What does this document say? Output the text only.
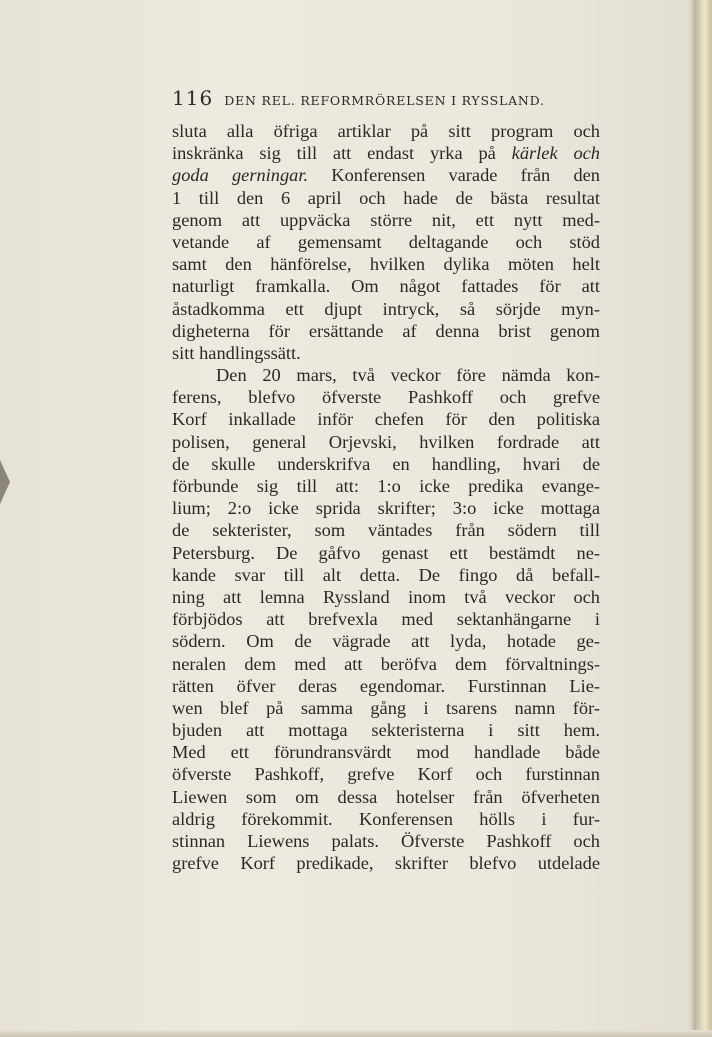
116 DEN REL. REFORMRÖRELSEN I RYSSLAND.
sluta alla öfriga artiklar på sitt program och
inskränka sig till att endast yrka på kärlek och
goda gerningar. Konferensen varade från den
1 till den 6 april och hade de bästa resultat
genom att uppväcka större nit, ett nytt med-
vetande af gemensamt deltagande och stöd
samt den hänförelse, hvilken dylika möten helt
naturligt framkalla. Om något fattades för att
åstadkomma ett djupt intryck, så sörjde myn-
digheterna för ersättande af denna brist genom
sitt handlingssätt.
Den 20 mars, två veckor före nämda kon-
ferens, blefvo öfverste Pashkoff och grefve
Korf inkallade inför chefen för den politiska
polisen, general Orjevski, hvilken fordrade att
de skulle underskrifva en handling, hvari de
förbunde sig till att: 1:o icke predika evange-
lium; 2:o icke sprida skrifter; 3:o icke mottaga
de sekterister, som väntades från södern till
Petersburg. De gåfvo genast ett bestämdt ne-
kande svar till alt detta. De fingo då befall-
ning att lemna Ryssland inom två veckor och
förbjödos att brefvexla med sektanhängarne i
södern. Om de vägrade att lyda, hotade ge-
neralen dem med att beröfva dem förvaltnings-
rätten öfver deras egendomar. Furstinnan Lie-
wen blef på samma gång i tsarens namn för-
bjuden att mottaga sekteristerna i sitt hem.
Med ett förundransvärdt mod handlade både
öfverste Pashkoff, grefve Korf och furstinnan
Liewen som om dessa hotelser från öfverheten
aldrig förekommit. Konferensen hölls i fur-
stinnan Liewens palats. Öfverste Pashkoff och
grefve Korf predikade, skrifter blefvo utdelade
